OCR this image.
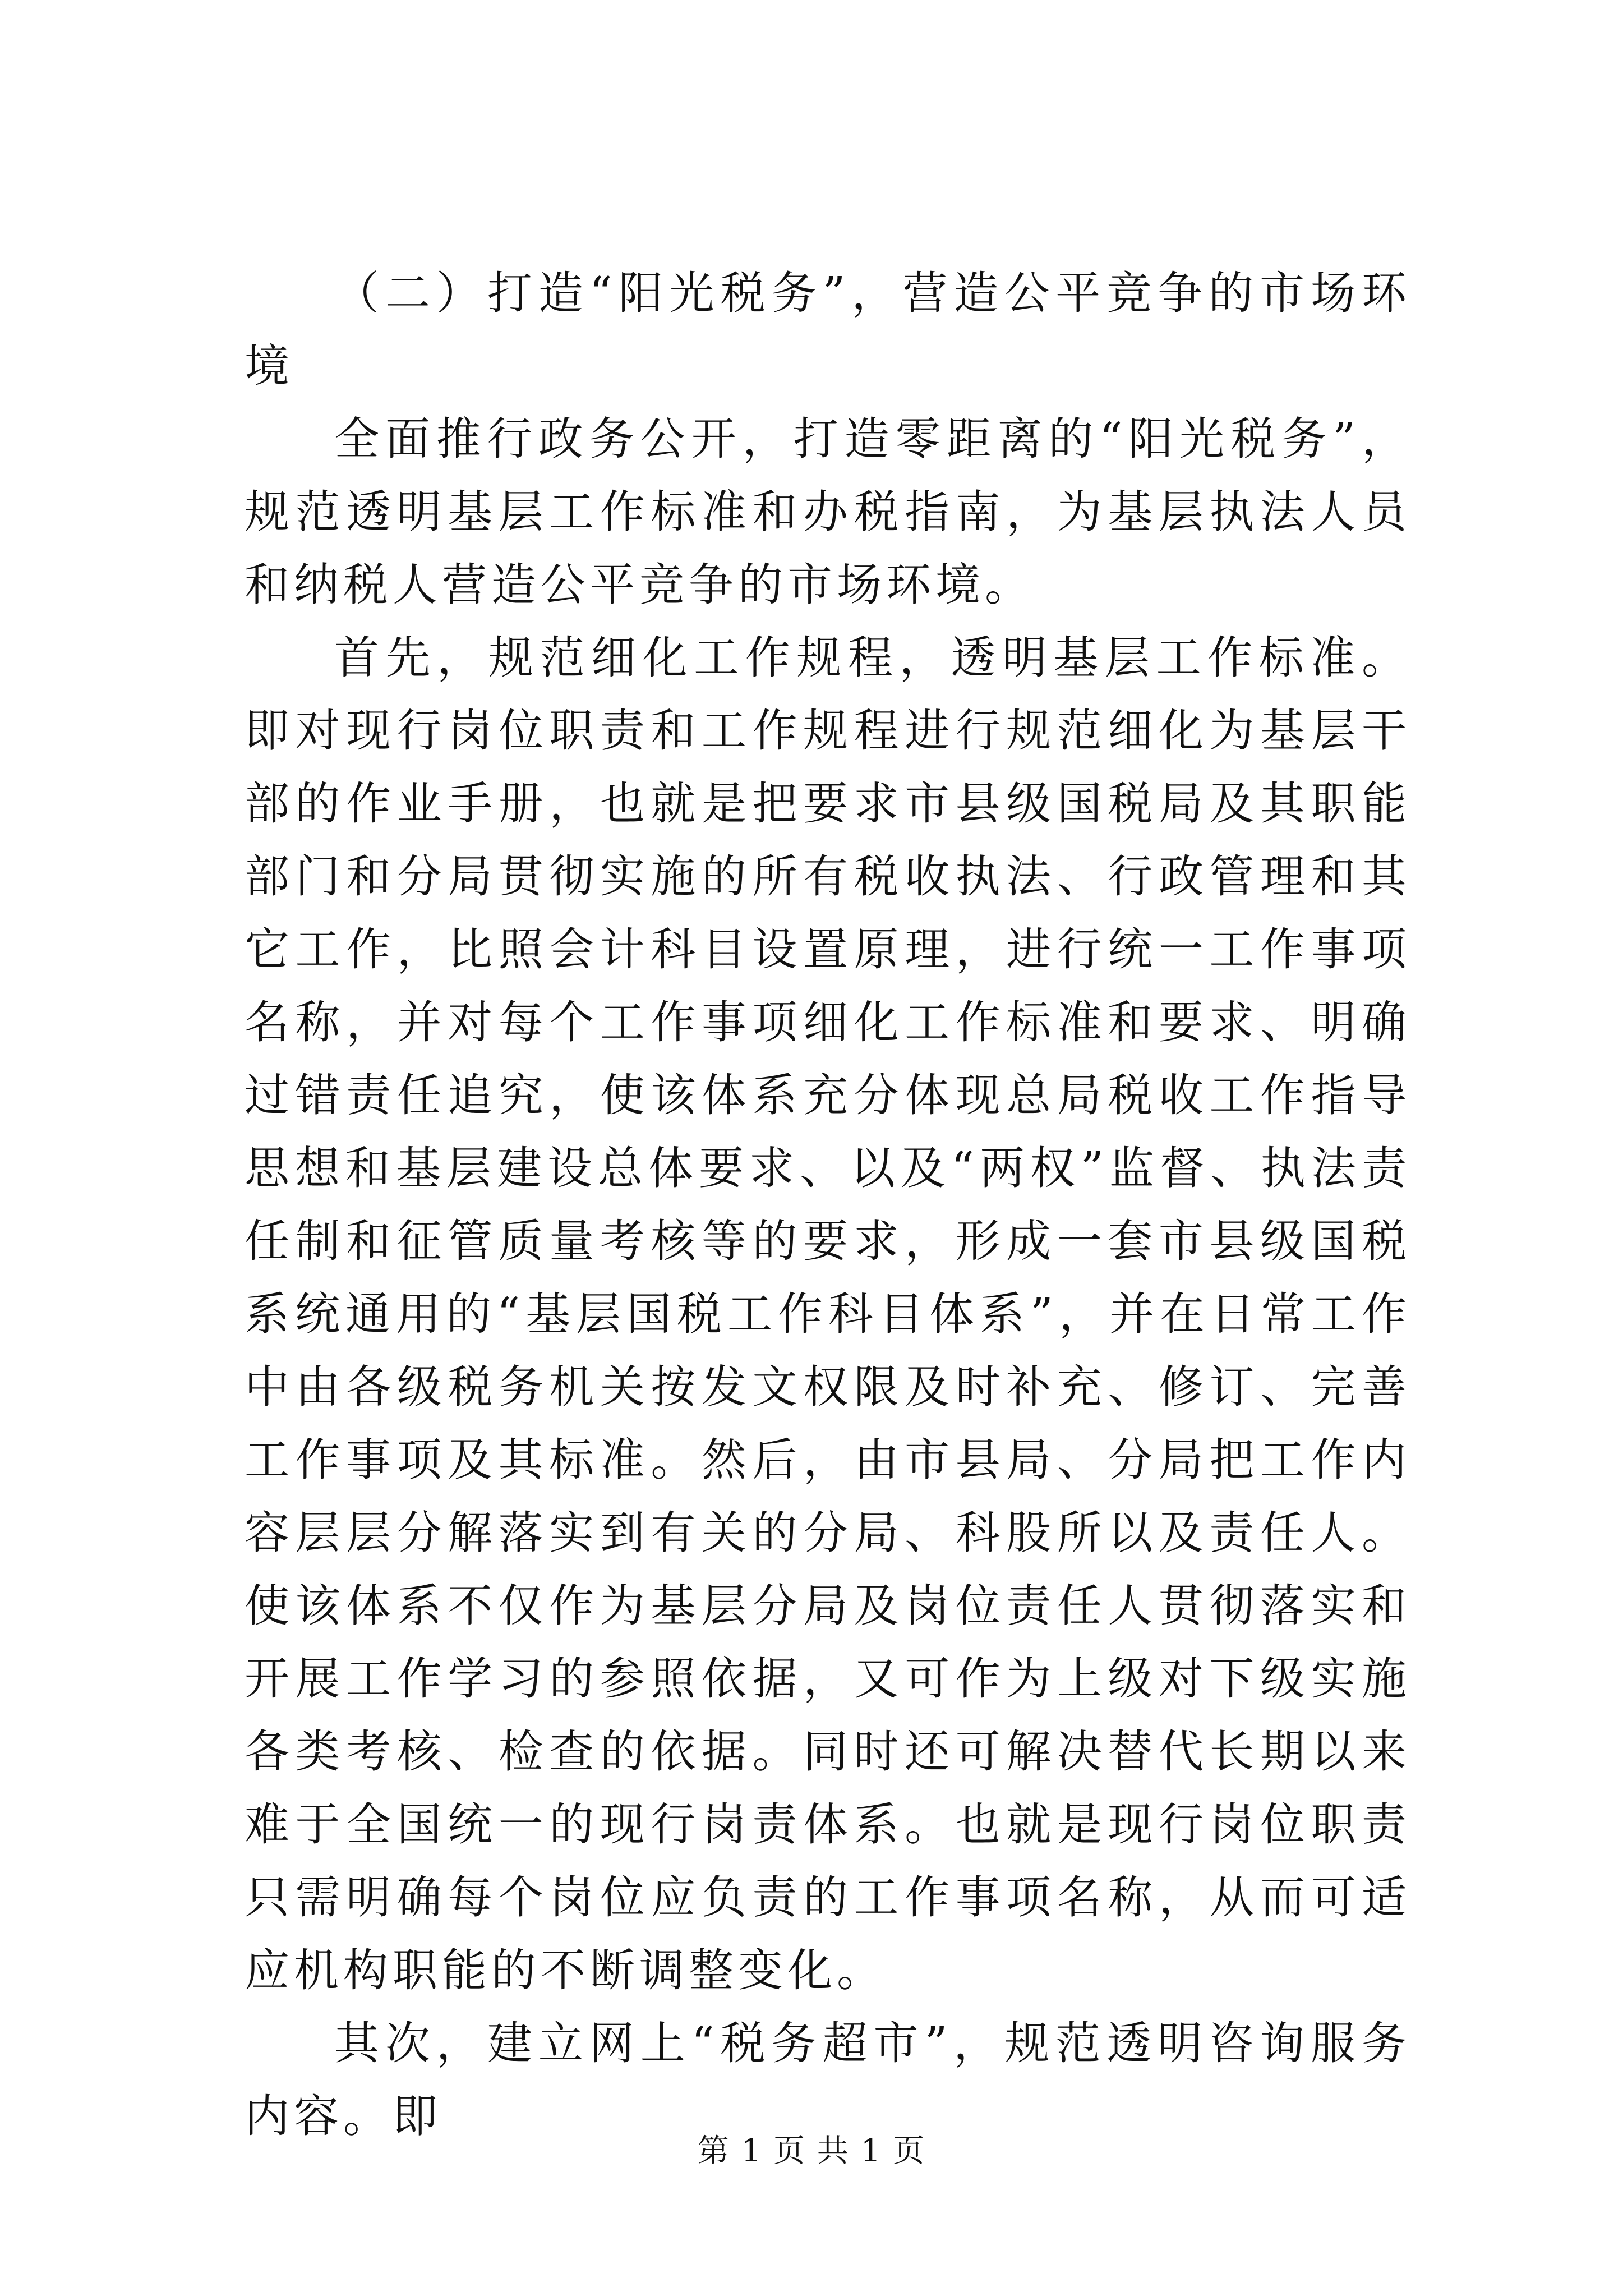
（二）打造“阳光税务”，营造公平竞争的市场环境

全面推行政务公开，打造零距离的“阳光税务”，规范透明基层工作标准和办税指南，为基层执法人员和纳税人营造公平竞争的市场环境。

首先，规范细化工作规程，透明基层工作标准。即对现行岗位职责和工作规程进行规范细化为基层干部的作业手册，也就是把要求市县级国税局及其职能部门和分局贯彻实施的所有税收执法、行政管理和其它工作，比照会计科目设置原理，进行统一工作事项名称，并对每个工作事项细化工作标准和要求、明确过错责任追究，使该体系充分体现总局税收工作指导思想和基层建设总体要求、以及“两权”监督、执法责任制和征管质量考核等的要求，形成一套市县级国税系统通用的“基层国税工作科目体系”，并在日常工作中由各级税务机关按发文权限及时补充、修订、完善工作事项及其标准。然后，由市县局、分局把工作内容层层分解落实到有关的分局、科股所以及责任人。使该体系不仅作为基层分局及岗位责任人贯彻落实和开展工作学习的参照依据，又可作为上级对下级实施各类考核、检查的依据。同时还可解决替代长期以来难于全国统一的现行岗责体系。也就是现行岗位职责只需明确每个岗位应负责的工作事项名称，从而可适应机构职能的不断调整变化。

其次，建立网上“税务超市”，规范透明咨询服务内容。即

第 1 页 共 1 页
